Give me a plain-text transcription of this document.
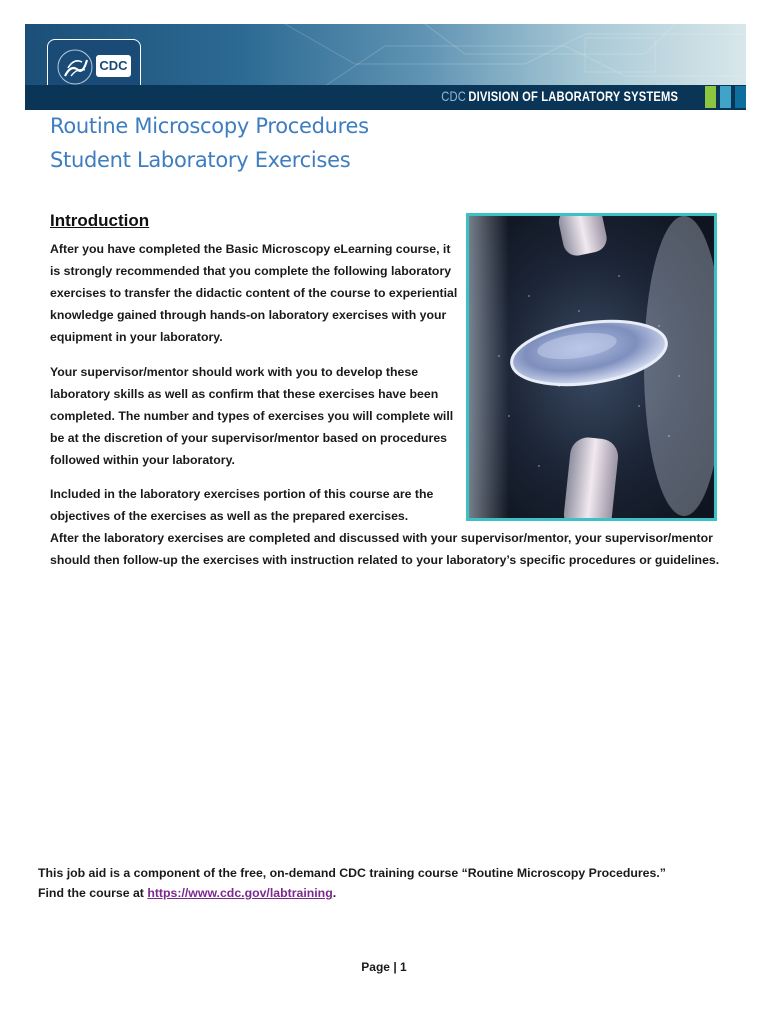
CDC
CDC DIVISION OF LABORATORY SYSTEMS
Routine Microscopy Procedures
Student Laboratory Exercises
Introduction

After you have completed the Basic Microscopy eLearning course, it is strongly recommended that you complete the following laboratory exercises to transfer the didactic content of the course to experiential knowledge gained through hands-on laboratory exercises with your equipment in your laboratory.

Your supervisor/mentor should work with you to develop these laboratory skills as well as confirm that these exercises have been completed. The number and types of exercises you will complete will be at the discretion of your supervisor/mentor based on procedures followed within your laboratory.

Included in the laboratory exercises portion of this course are the objectives of the exercises as well as the prepared exercises.

After the laboratory exercises are completed and discussed with your supervisor/mentor, your supervisor/mentor should then follow-up the exercises with instruction related to your laboratory’s specific procedures or guidelines.

This job aid is a component of the free, on-demand CDC training course “Routine Microscopy Procedures.”
Find the course at https://www.cdc.gov/labtraining.

Page | 1
